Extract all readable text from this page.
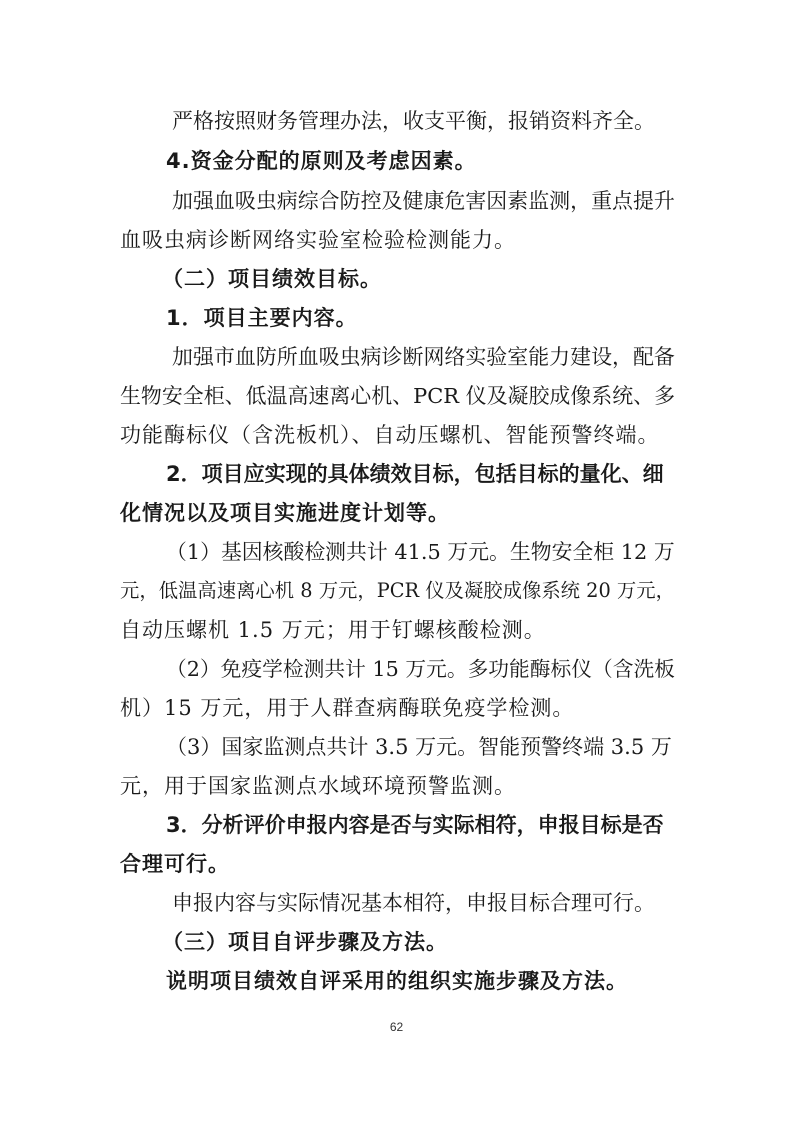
严格按照财务管理办法，收支平衡，报销资料齐全。
4.资金分配的原则及考虑因素。
加强血吸虫病综合防控及健康危害因素监测，重点提升
血吸虫病诊断网络实验室检验检测能力。
（二）项目绩效目标。
1．项目主要内容。
加强市血防所血吸虫病诊断网络实验室能力建设，配备
生物安全柜、低温高速离心机、PCR 仪及凝胶成像系统、多
功能酶标仪（含洗板机）、自动压螺机、智能预警终端。
2．项目应实现的具体绩效目标，包括目标的量化、细
化情况以及项目实施进度计划等。
（1）基因核酸检测共计 41.5 万元。生物安全柜 12 万
元，低温高速离心机 8 万元，PCR 仪及凝胶成像系统 20 万元，
自动压螺机 1.5 万元；用于钉螺核酸检测。
（2）免疫学检测共计 15 万元。多功能酶标仪（含洗板
机）15 万元，用于人群查病酶联免疫学检测。
（3）国家监测点共计 3.5 万元。智能预警终端 3.5 万
元，用于国家监测点水域环境预警监测。
3．分析评价申报内容是否与实际相符，申报目标是否
合理可行。
申报内容与实际情况基本相符，申报目标合理可行。
（三）项目自评步骤及方法。
说明项目绩效自评采用的组织实施步骤及方法。
62
